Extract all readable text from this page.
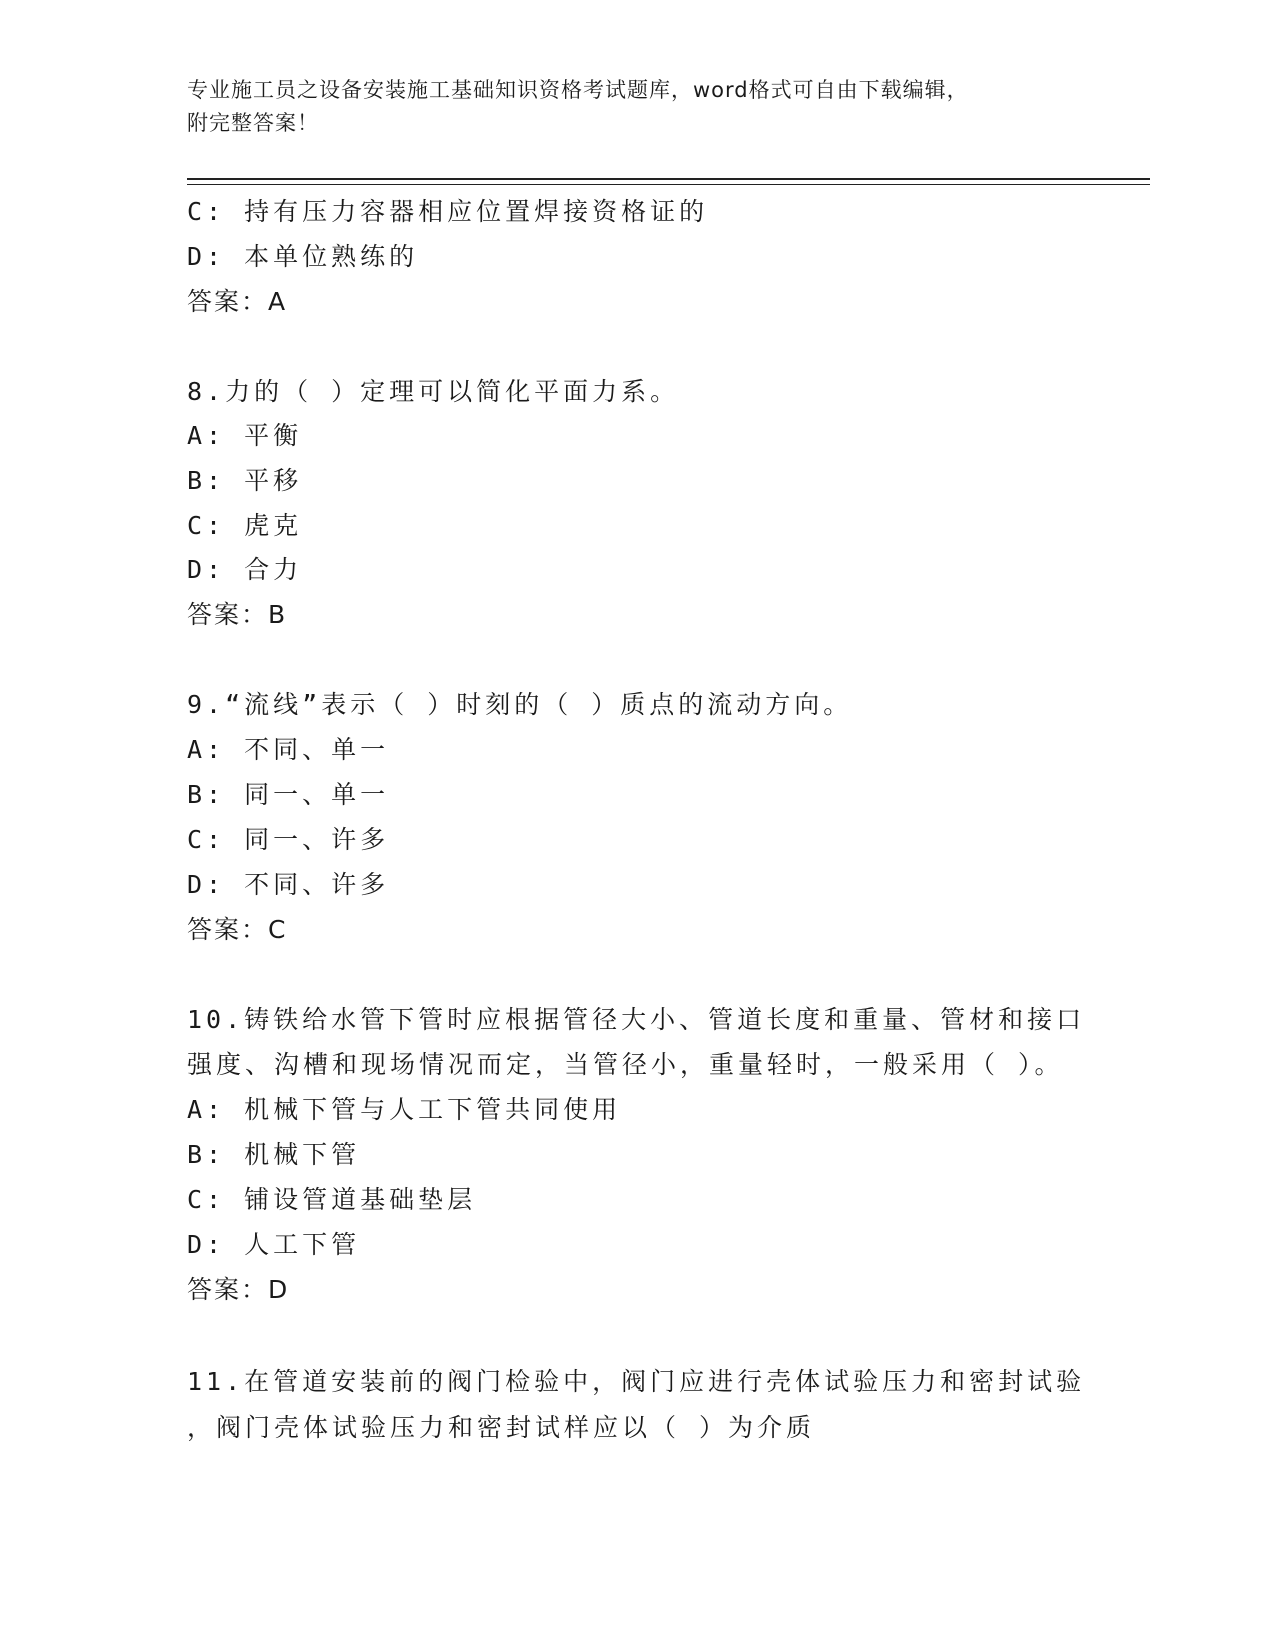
专业施工员之设备安装施工基础知识资格考试题库，word格式可自由下载编辑，
附完整答案！
C: 持有压力容器相应位置焊接资格证的
D: 本单位熟练的
答案：A
8.力的（ ）定理可以简化平面力系。
A: 平衡
B: 平移
C: 虎克
D: 合力
答案：B
9.“流线”表示（ ）时刻的（ ）质点的流动方向。
A: 不同、单一
B: 同一、单一
C: 同一、许多
D: 不同、许多
答案：C
10.铸铁给水管下管时应根据管径大小、管道长度和重量、管材和接口
强度、沟槽和现场情况而定，当管径小，重量轻时，一般采用（ ）。
A: 机械下管与人工下管共同使用
B: 机械下管
C: 铺设管道基础垫层
D: 人工下管
答案：D
11.在管道安装前的阀门检验中，阀门应进行壳体试验压力和密封试验
，阀门壳体试验压力和密封试样应以（ ）为介质
